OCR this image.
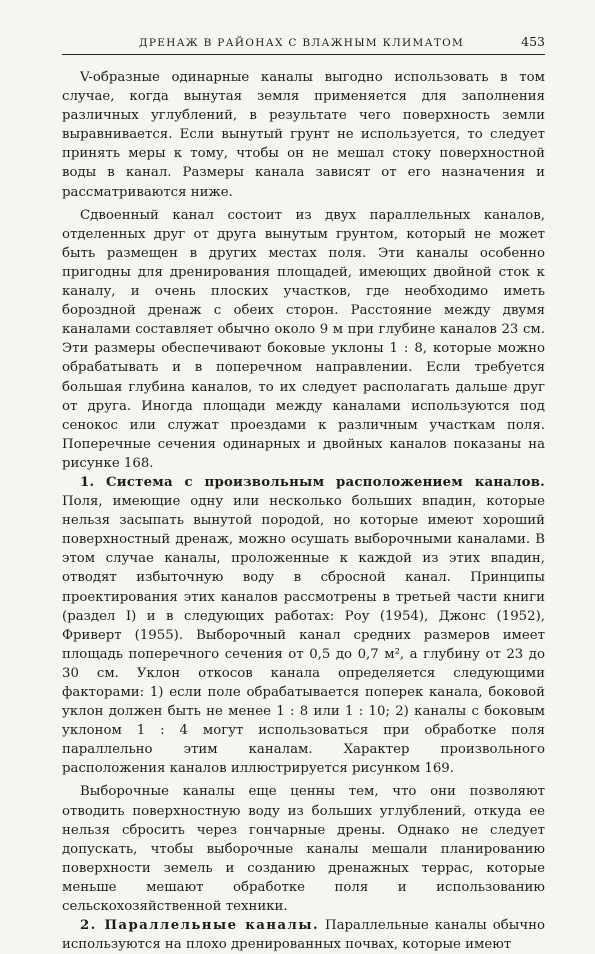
ДРЕНАЖ В РАЙОНАХ С ВЛАЖНЫМ КЛИМАТОМ	453

V-образные одинарные каналы выгодно использовать в том случае, когда вынутая земля применяется для заполнения различных углублений, в результате чего поверхность земли выравнивается. Если вынутый грунт не используется, то следует принять меры к тому, чтобы он не мешал стоку поверхностной воды в канал. Размеры канала зависят от его назначения и рассматриваются ниже.

Сдвоенный канал состоит из двух параллельных каналов, отделенных друг от друга вынутым грунтом, который не может быть размещен в других местах поля. Эти каналы особенно пригодны для дренирования площадей, имеющих двойной сток к каналу, и очень плоских участков, где необходимо иметь бороздной дренаж с обеих сторон. Расстояние между двумя каналами составляет обычно около 9 м при глубине каналов 23 см. Эти размеры обеспечивают боковые уклоны 1 : 8, которые можно обрабатывать и в поперечном направлении. Если требуется большая глубина каналов, то их следует располагать дальше друг от друга. Иногда площади между каналами используются под сенокос или служат проездами к различным участкам поля. Поперечные сечения одинарных и двойных каналов показаны на рисунке 168.

1. Система с произвольным расположением каналов. Поля, имеющие одну или несколько больших впадин, которые нельзя засыпать вынутой породой, но которые имеют хороший поверхностный дренаж, можно осушать выборочными каналами. В этом случае каналы, проложенные к каждой из этих впадин, отводят избыточную воду в сбросной канал. Принципы проектирования этих каналов рассмотрены в третьей части книги (раздел I) и в следующих работах: Роу (1954), Джонс (1952), Фриверт (1955). Выборочный канал средних размеров имеет площадь поперечного сечения от 0,5 до 0,7 м², а глубину от 23 до 30 см. Уклон откосов канала определяется следующими факторами: 1) если поле обрабатывается поперек канала, боковой уклон должен быть не менее 1 : 8 или 1 : 10; 2) каналы с боковым уклоном 1 : 4 могут использоваться при обработке поля параллельно этим каналам. Характер произвольного расположения каналов иллюстрируется рисунком 169.

Выборочные каналы еще ценны тем, что они позволяют отводить поверхностную воду из больших углублений, откуда ее нельзя сбросить через гончарные дрены. Однако не следует допускать, чтобы выборочные каналы мешали планированию поверхности земель и созданию дренажных террас, которые меньше мешают обработке поля и использованию сельскохозяйственной техники.

2. Параллельные каналы. Параллельные каналы обычно используются на плохо дренированных почвах, которые имеют
